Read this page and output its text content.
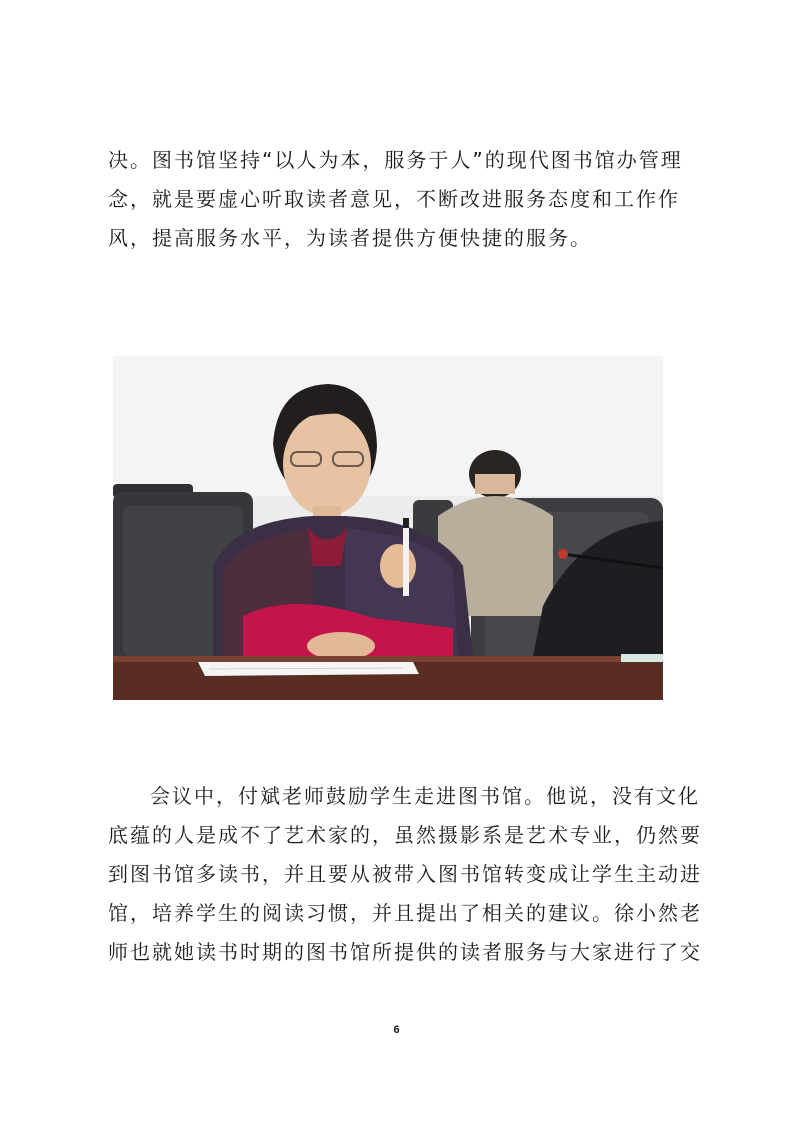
决。图书馆坚持“以人为本，服务于人”的现代图书馆办管理
念，就是要虚心听取读者意见，不断改进服务态度和工作作
风，提高服务水平，为读者提供方便快捷的服务。
会议中，付斌老师鼓励学生走进图书馆。他说，没有文化
底蕴的人是成不了艺术家的，虽然摄影系是艺术专业，仍然要
到图书馆多读书，并且要从被带入图书馆转变成让学生主动进
馆，培养学生的阅读习惯，并且提出了相关的建议。徐小然老
师也就她读书时期的图书馆所提供的读者服务与大家进行了交
6
